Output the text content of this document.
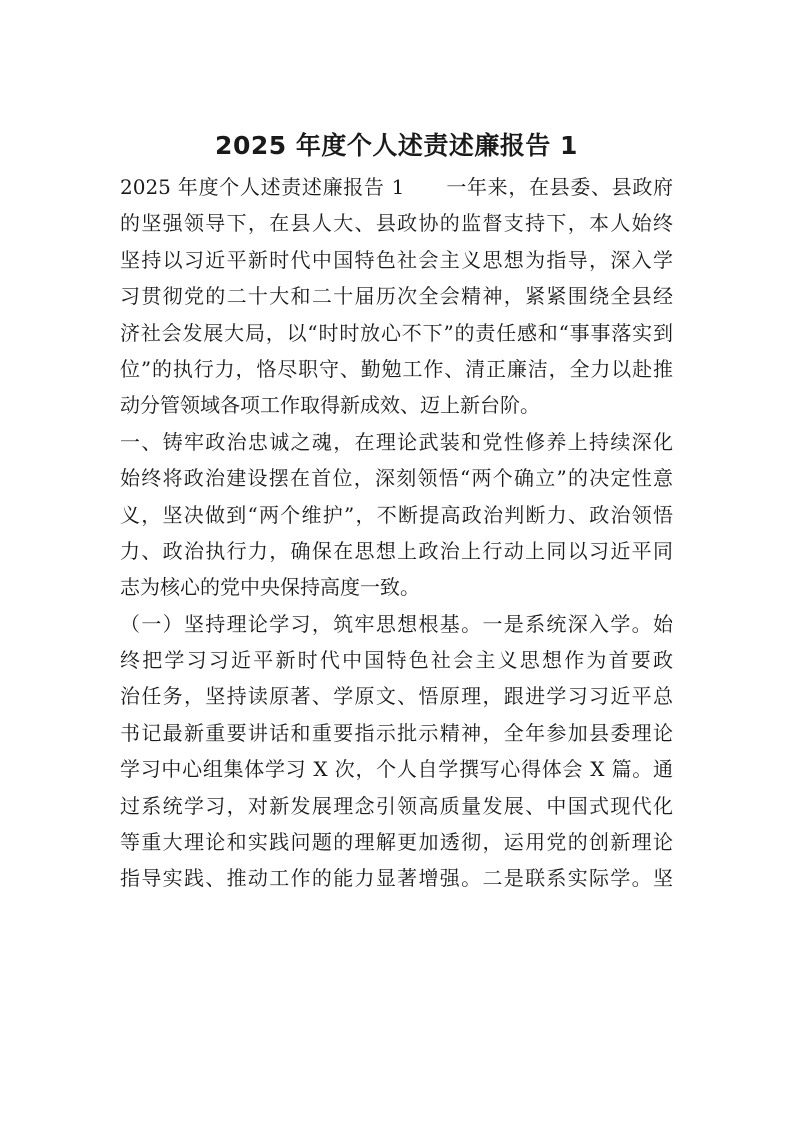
2025 年度个人述责述廉报告 1
2025 年度个人述责述廉报告 1　　一年来，在县委、县政府
的坚强领导下，在县人大、县政协的监督支持下，本人始终
坚持以习近平新时代中国特色社会主义思想为指导，深入学
习贯彻党的二十大和二十届历次全会精神，紧紧围绕全县经
济社会发展大局，以“时时放心不下”的责任感和“事事落实到
位”的执行力，恪尽职守、勤勉工作、清正廉洁，全力以赴推
动分管领域各项工作取得新成效、迈上新台阶。
一、铸牢政治忠诚之魂，在理论武装和党性修养上持续深化
始终将政治建设摆在首位，深刻领悟“两个确立”的决定性意
义，坚决做到“两个维护”，不断提高政治判断力、政治领悟
力、政治执行力，确保在思想上政治上行动上同以习近平同
志为核心的党中央保持高度一致。
（一）坚持理论学习，筑牢思想根基。一是系统深入学。始
终把学习习近平新时代中国特色社会主义思想作为首要政
治任务，坚持读原著、学原文、悟原理，跟进学习习近平总
书记最新重要讲话和重要指示批示精神，全年参加县委理论
学习中心组集体学习 X 次，个人自学撰写心得体会 X 篇。通
过系统学习，对新发展理念引领高质量发展、中国式现代化
等重大理论和实践问题的理解更加透彻，运用党的创新理论
指导实践、推动工作的能力显著增强。二是联系实际学。坚
